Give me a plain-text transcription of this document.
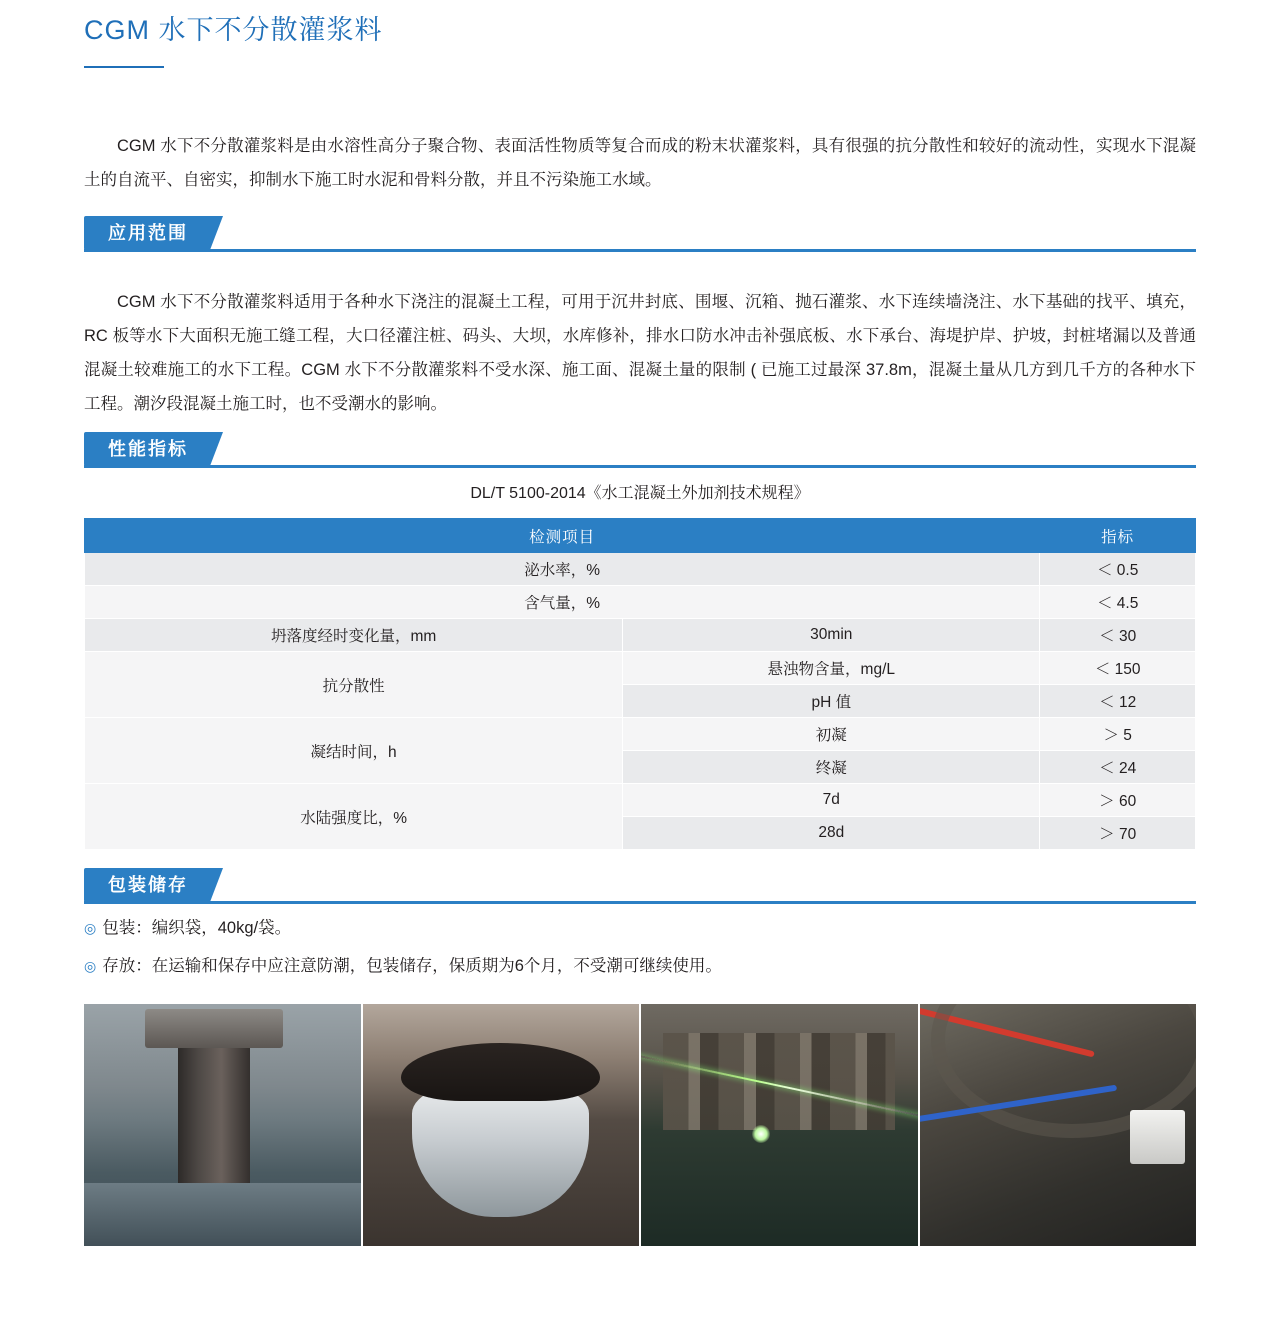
CGM 水下不分散灌浆料

CGM 水下不分散灌浆料是由水溶性高分子聚合物、表面活性物质等复合而成的粉末状灌浆料，具有很强的抗分散性和较好的流动性，实现水下混凝土的自流平、自密实，抑制水下施工时水泥和骨料分散，并且不污染施工水域。

应用范围

CGM 水下不分散灌浆料适用于各种水下浇注的混凝土工程，可用于沉井封底、围堰、沉箱、抛石灌浆、水下连续墙浇注、水下基础的找平、填充，RC 板等水下大面积无施工缝工程，大口径灌注桩、码头、大坝，水库修补，排水口防水冲击补强底板、水下承台、海堤护岸、护坡，封桩堵漏以及普通混凝土较难施工的水下工程。CGM 水下不分散灌浆料不受水深、施工面、混凝土量的限制 ( 已施工过最深 37.8m，混凝土量从几方到几千方的各种水下工程。潮汐段混凝土施工时，也不受潮水的影响。

性能指标
DL/T 5100-2014《水工混凝土外加剂技术规程》
检测项目		指标
泌水率，%		＜ 0.5
含气量，%		＜ 4.5
坍落度经时变化量，mm	30min	＜ 30
抗分散性	悬浊物含量，mg/L	＜ 150
	pH 值	＜ 12
凝结时间，h	初凝	＞ 5
	终凝	＜ 24
水陆强度比，%	7d	＞ 60
	28d	＞ 70
包装储存
◎ 包装：编织袋，40kg/袋。
◎ 存放：在运输和保存中应注意防潮，包装储存，保质期为6个月，不受潮可继续使用。
